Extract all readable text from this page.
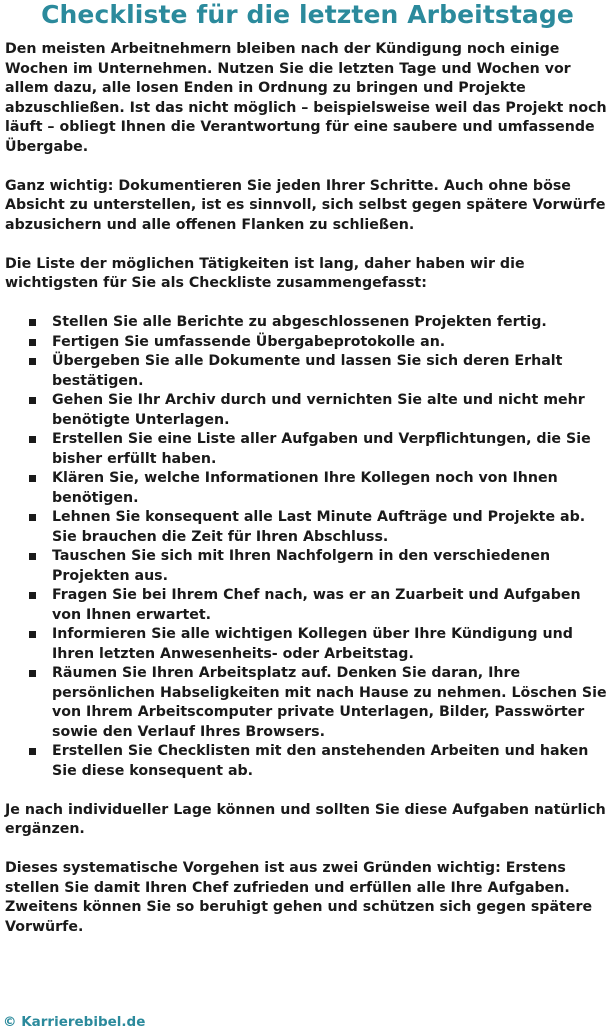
Checkliste für die letzten Arbeitstage

Den meisten Arbeitnehmern bleiben nach der Kündigung noch einige Wochen im Unternehmen. Nutzen Sie die letzten Tage und Wochen vor allem dazu, alle losen Enden in Ordnung zu bringen und Projekte abzuschließen. Ist das nicht möglich – beispielsweise weil das Projekt noch läuft – obliegt Ihnen die Verantwortung für eine saubere und umfassende Übergabe.

Ganz wichtig: Dokumentieren Sie jeden Ihrer Schritte. Auch ohne böse Absicht zu unterstellen, ist es sinnvoll, sich selbst gegen spätere Vorwürfe abzusichern und alle offenen Flanken zu schließen.

Die Liste der möglichen Tätigkeiten ist lang, daher haben wir die wichtigsten für Sie als Checkliste zusammengefasst:

Stellen Sie alle Berichte zu abgeschlossenen Projekten fertig.
Fertigen Sie umfassende Übergabeprotokolle an.
Übergeben Sie alle Dokumente und lassen Sie sich deren Erhalt bestätigen.
Gehen Sie Ihr Archiv durch und vernichten Sie alte und nicht mehr benötigte Unterlagen.
Erstellen Sie eine Liste aller Aufgaben und Verpflichtungen, die Sie bisher erfüllt haben.
Klären Sie, welche Informationen Ihre Kollegen noch von Ihnen benötigen.
Lehnen Sie konsequent alle Last Minute Aufträge und Projekte ab. Sie brauchen die Zeit für Ihren Abschluss.
Tauschen Sie sich mit Ihren Nachfolgern in den verschiedenen Projekten aus.
Fragen Sie bei Ihrem Chef nach, was er an Zuarbeit und Aufgaben von Ihnen erwartet.
Informieren Sie alle wichtigen Kollegen über Ihre Kündigung und Ihren letzten Anwesenheits- oder Arbeitstag.
Räumen Sie Ihren Arbeitsplatz auf. Denken Sie daran, Ihre persönlichen Habseligkeiten mit nach Hause zu nehmen. Löschen Sie von Ihrem Arbeitscomputer private Unterlagen, Bilder, Passwörter sowie den Verlauf Ihres Browsers.
Erstellen Sie Checklisten mit den anstehenden Arbeiten und haken Sie diese konsequent ab.

Je nach individueller Lage können und sollten Sie diese Aufgaben natürlich ergänzen.

Dieses systematische Vorgehen ist aus zwei Gründen wichtig: Erstens stellen Sie damit Ihren Chef zufrieden und erfüllen alle Ihre Aufgaben. Zweitens können Sie so beruhigt gehen und schützen sich gegen spätere Vorwürfe.

© Karrierebibel.de
